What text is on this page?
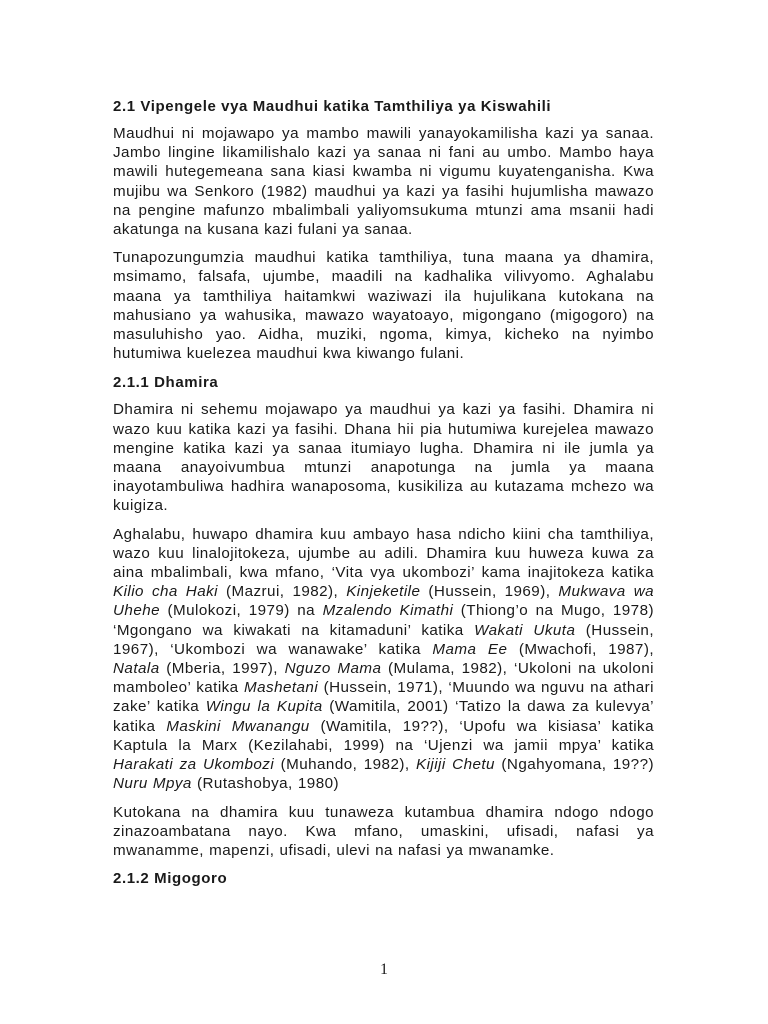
2.1 Vipengele vya Maudhui katika Tamthiliya ya Kiswahili

Maudhui ni mojawapo ya mambo mawili yanayokamilisha kazi ya sanaa. Jambo lingine likamilishalo kazi ya sanaa ni fani au umbo. Mambo haya mawili hutegemeana sana kiasi kwamba ni vigumu kuyatenganisha. Kwa mujibu wa Senkoro (1982) maudhui ya kazi ya fasihi hujumlisha mawazo na pengine mafunzo mbalimbali yaliyomsukuma mtunzi ama msanii hadi akatunga na kusana kazi fulani ya sanaa.

Tunapozungumzia maudhui katika tamthiliya, tuna maana ya dhamira, msimamo, falsafa, ujumbe, maadili na kadhalika vilivyomo. Aghalabu maana ya tamthiliya haitamkwi waziwazi ila hujulikana kutokana na mahusiano ya wahusika, mawazo wayatoayo, migongano (migogoro) na masuluhisho yao. Aidha, muziki, ngoma, kimya, kicheko na nyimbo hutumiwa kuelezea maudhui kwa kiwango fulani.

2.1.1 Dhamira

Dhamira ni sehemu mojawapo ya maudhui ya kazi ya fasihi. Dhamira ni wazo kuu katika kazi ya fasihi. Dhana hii pia hutumiwa kurejelea mawazo mengine katika kazi ya sanaa itumiayo lugha. Dhamira ni ile jumla ya maana anayoivumbua mtunzi anapotunga na jumla ya maana inayotambuliwa hadhira wanaposoma, kusikiliza au kutazama mchezo wa kuigiza.

Aghalabu, huwapo dhamira kuu ambayo hasa ndicho kiini cha tamthiliya, wazo kuu linalojitokeza, ujumbe au adili. Dhamira kuu huweza kuwa za aina mbalimbali, kwa mfano, ‘Vita vya ukombozi’ kama inajitokeza katika Kilio cha Haki (Mazrui, 1982), Kinjeketile (Hussein, 1969), Mukwava wa Uhehe (Mulokozi, 1979) na Mzalendo Kimathi (Thiong’o na Mugo, 1978) ‘Mgongano wa kiwakati na kitamaduni’ katika Wakati Ukuta (Hussein, 1967), ‘Ukombozi wa wanawake’ katika Mama Ee (Mwachofi, 1987), Natala (Mberia, 1997), Nguzo Mama (Mulama, 1982), ‘Ukoloni na ukoloni mamboleo’ katika Mashetani (Hussein, 1971), ‘Muundo wa nguvu na athari zake’ katika Wingu la Kupita (Wamitila, 2001) ‘Tatizo la dawa za kulevya’ katika Maskini Mwanangu (Wamitila, 19??), ‘Upofu wa kisiasa’ katika Kaptula la Marx (Kezilahabi, 1999) na ‘Ujenzi wa jamii mpya’ katika Harakati za Ukombozi (Muhando, 1982), Kijiji Chetu (Ngahyomana, 19??) Nuru Mpya (Rutashobya, 1980)

Kutokana na dhamira kuu tunaweza kutambua dhamira ndogo ndogo zinazoambatana nayo. Kwa mfano, umaskini, ufisadi, nafasi ya mwanamme, mapenzi, ufisadi, ulevi na nafasi ya mwanamke.

2.1.2 Migogoro
1
